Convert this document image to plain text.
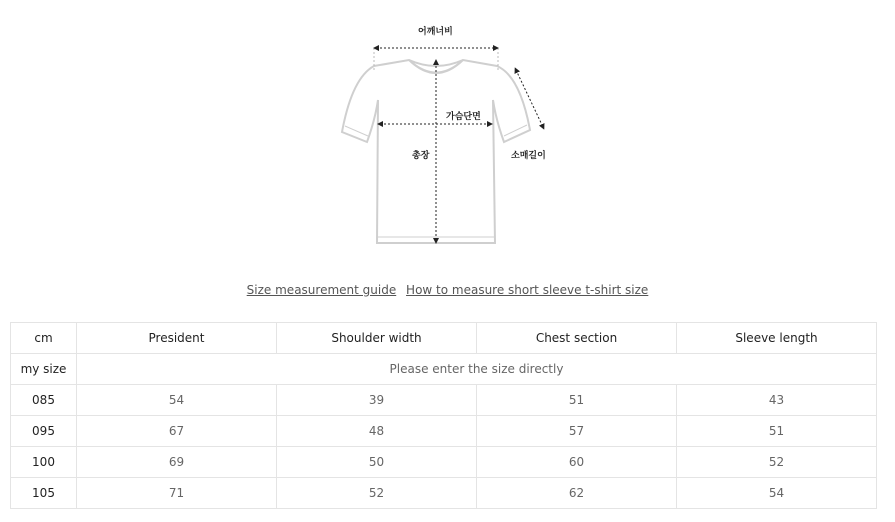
어깨너비
가슴단면
총장	소매길이
Size measurement guide How to measure short sleeve t-shirt size
cm	President	Shoulder width	Chest section	Sleeve length
my size	Please enter the size directly			
085	54	39	51	43
095	67	48	57	51
100	69	50	60	52
105	71	52	62	54
